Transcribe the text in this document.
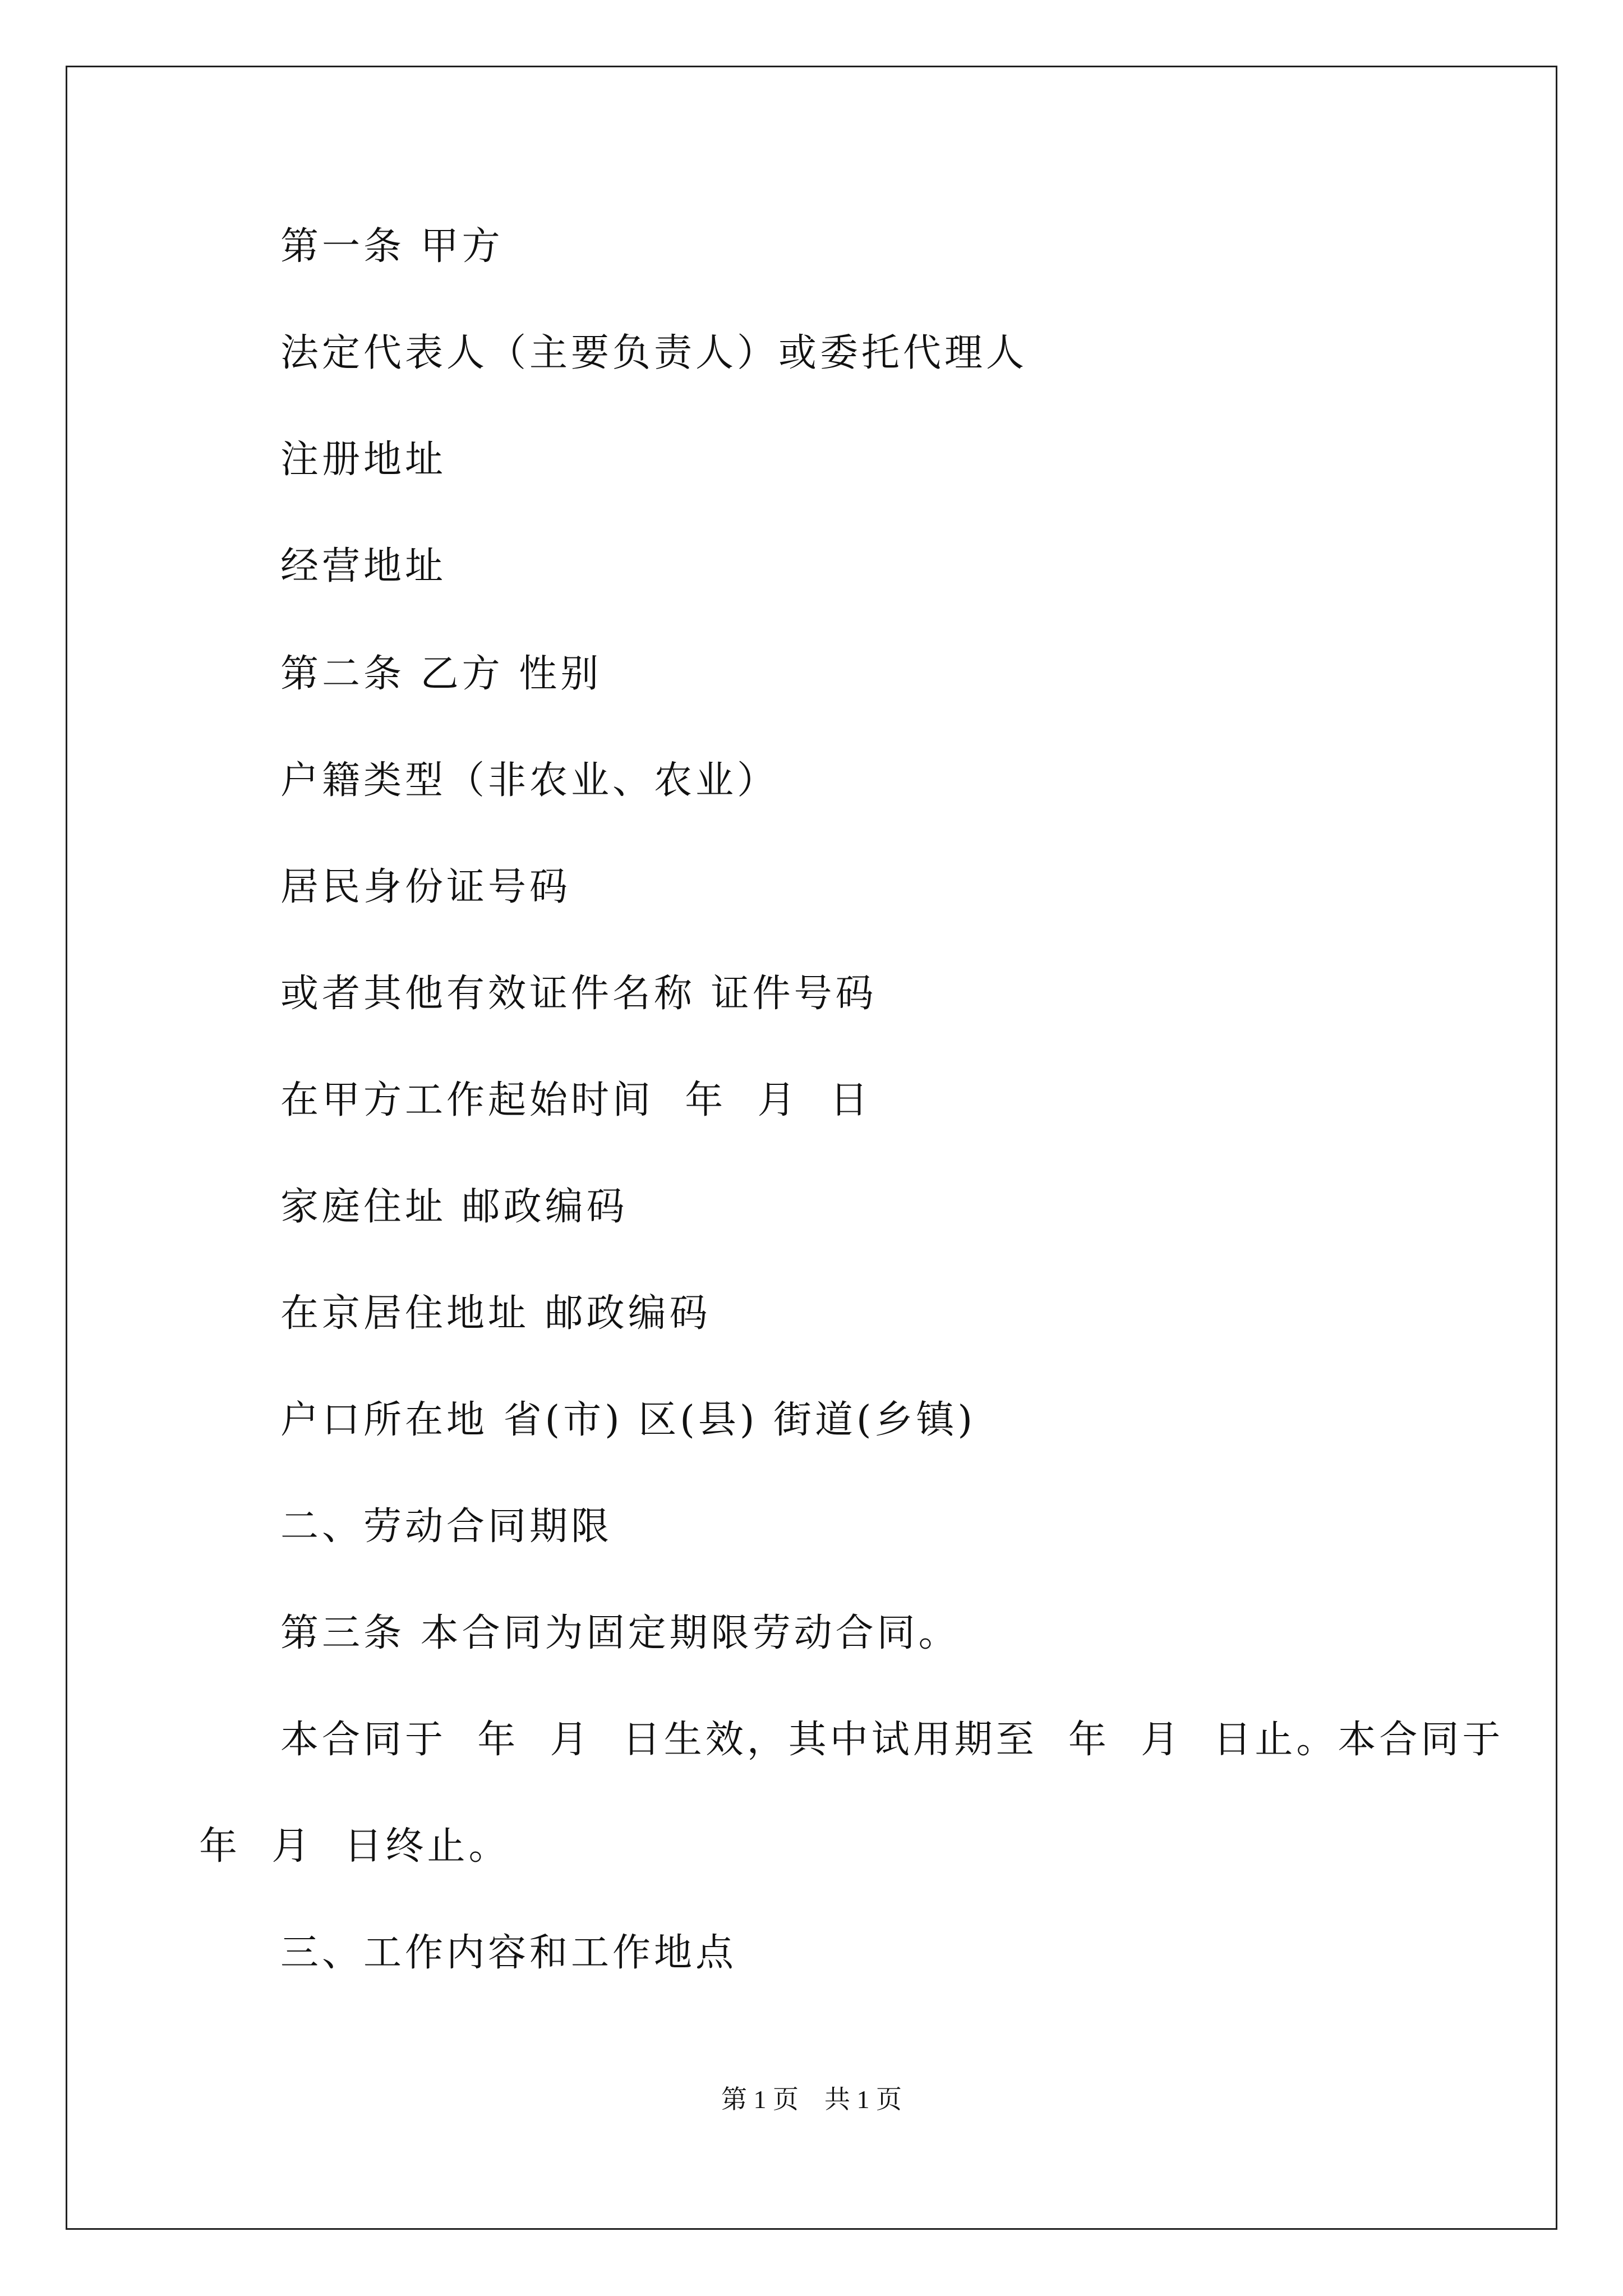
第一条 甲方
法定代表人（主要负责人）或委托代理人
注册地址
经营地址
第二条 乙方 性别
户籍类型（非农业、农业）
居民身份证号码
或者其他有效证件名称 证件号码
在甲方工作起始时间  年  月  日
家庭住址 邮政编码
在京居住地址 邮政编码
户口所在地 省(市) 区(县) 街道(乡镇)
二、劳动合同期限
第三条 本合同为固定期限劳动合同。
本合同于  年  月  日生效，其中试用期至  年  月  日止。本合同于
年  月  日终止。
三、工作内容和工作地点
第 1 页　共 1 页
